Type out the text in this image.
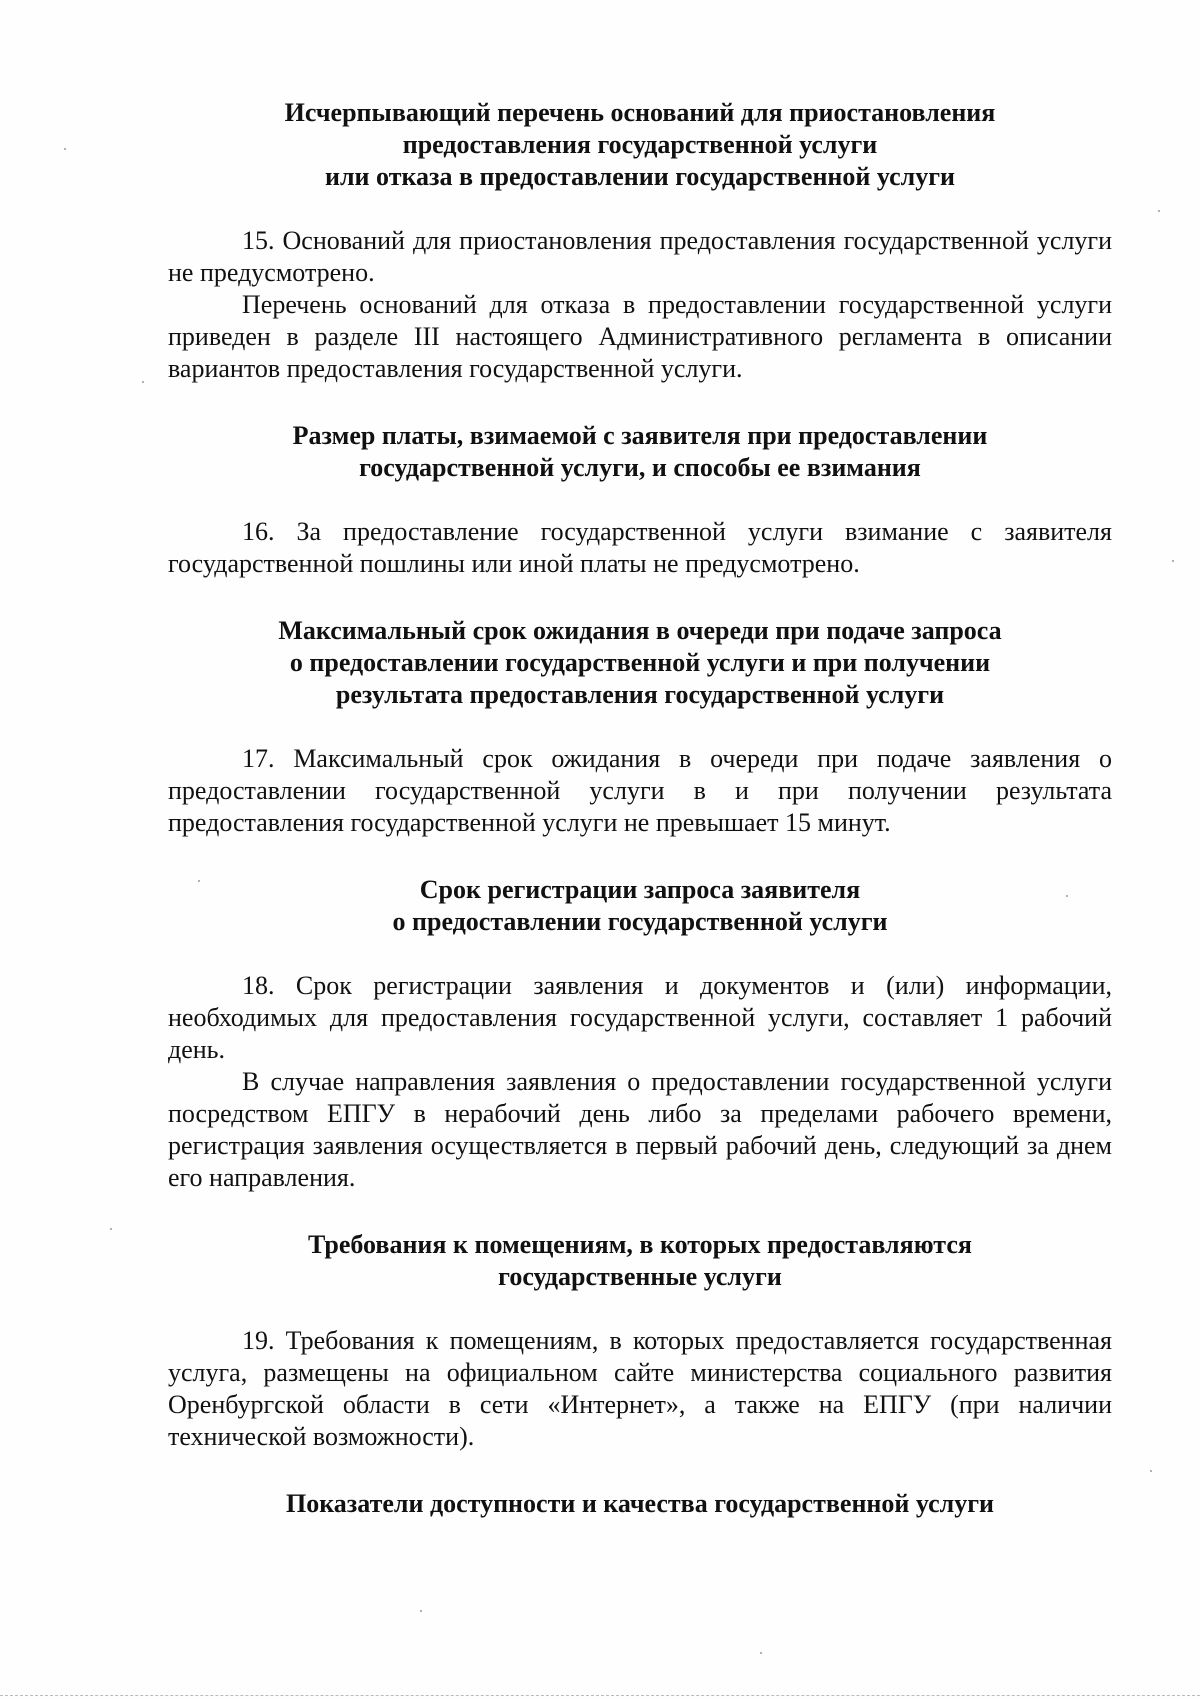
Исчерпывающий перечень оснований для приостановления
предоставления государственной услуги
или отказа в предоставлении государственной услуги

15. Оснований для приостановления предоставления государственной услуги не предусмотрено.

Перечень оснований для отказа в предоставлении государственной услуги приведен в разделе III настоящего Административного регламента в описании вариантов предоставления государственной услуги.

Размер платы, взимаемой с заявителя при предоставлении
государственной услуги, и способы ее взимания

16. За предоставление государственной услуги взимание с заявителя государственной пошлины или иной платы не предусмотрено.

Максимальный срок ожидания в очереди при подаче запроса
о предоставлении государственной услуги и при получении
результата предоставления государственной услуги

17. Максимальный срок ожидания в очереди при подаче заявления о предоставлении государственной услуги в и при получении результата предоставления государственной услуги не превышает 15 минут.

Срок регистрации запроса заявителя
о предоставлении государственной услуги

18. Срок регистрации заявления и документов и (или) информации, необходимых для предоставления государственной услуги, составляет 1 рабочий день.

В случае направления заявления о предоставлении государственной услуги посредством ЕПГУ в нерабочий день либо за пределами рабочего времени, регистрация заявления осуществляется в первый рабочий день, следующий за днем его направления.

Требования к помещениям, в которых предоставляются
государственные услуги

19. Требования к помещениям, в которых предоставляется государственная услуга, размещены на официальном сайте министерства социального развития Оренбургской области в сети «Интернет», а также на ЕПГУ (при наличии технической возможности).

Показатели доступности и качества государственной услуги
